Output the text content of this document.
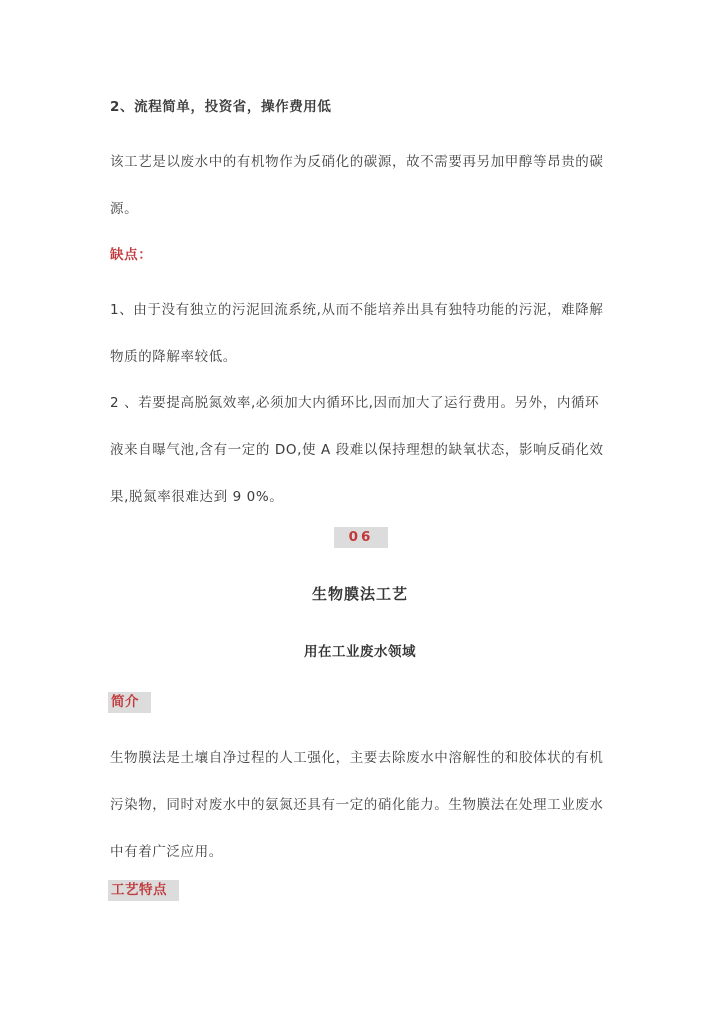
2、流程简单，投资省，操作费用低

该工艺是以废水中的有机物作为反硝化的碳源，故不需要再另加甲醇等昂贵的碳源。

缺点：

1、由于没有独立的污泥回流系统,从而不能培养出具有独特功能的污泥，难降解物质的降解率较低。

2 、若要提高脱氮效率,必须加大内循环比,因而加大了运行费用。另外，内循环液来自曝气池,含有一定的 DO,使 A 段难以保持理想的缺氧状态，影响反硝化效果,脱氮率很难达到 9 0%。

06

生物膜法工艺

用在工业废水领域

简介

生物膜法是土壤自净过程的人工强化，主要去除废水中溶解性的和胶体状的有机污染物，同时对废水中的氨氮还具有一定的硝化能力。生物膜法在处理工业废水中有着广泛应用。

工艺特点
